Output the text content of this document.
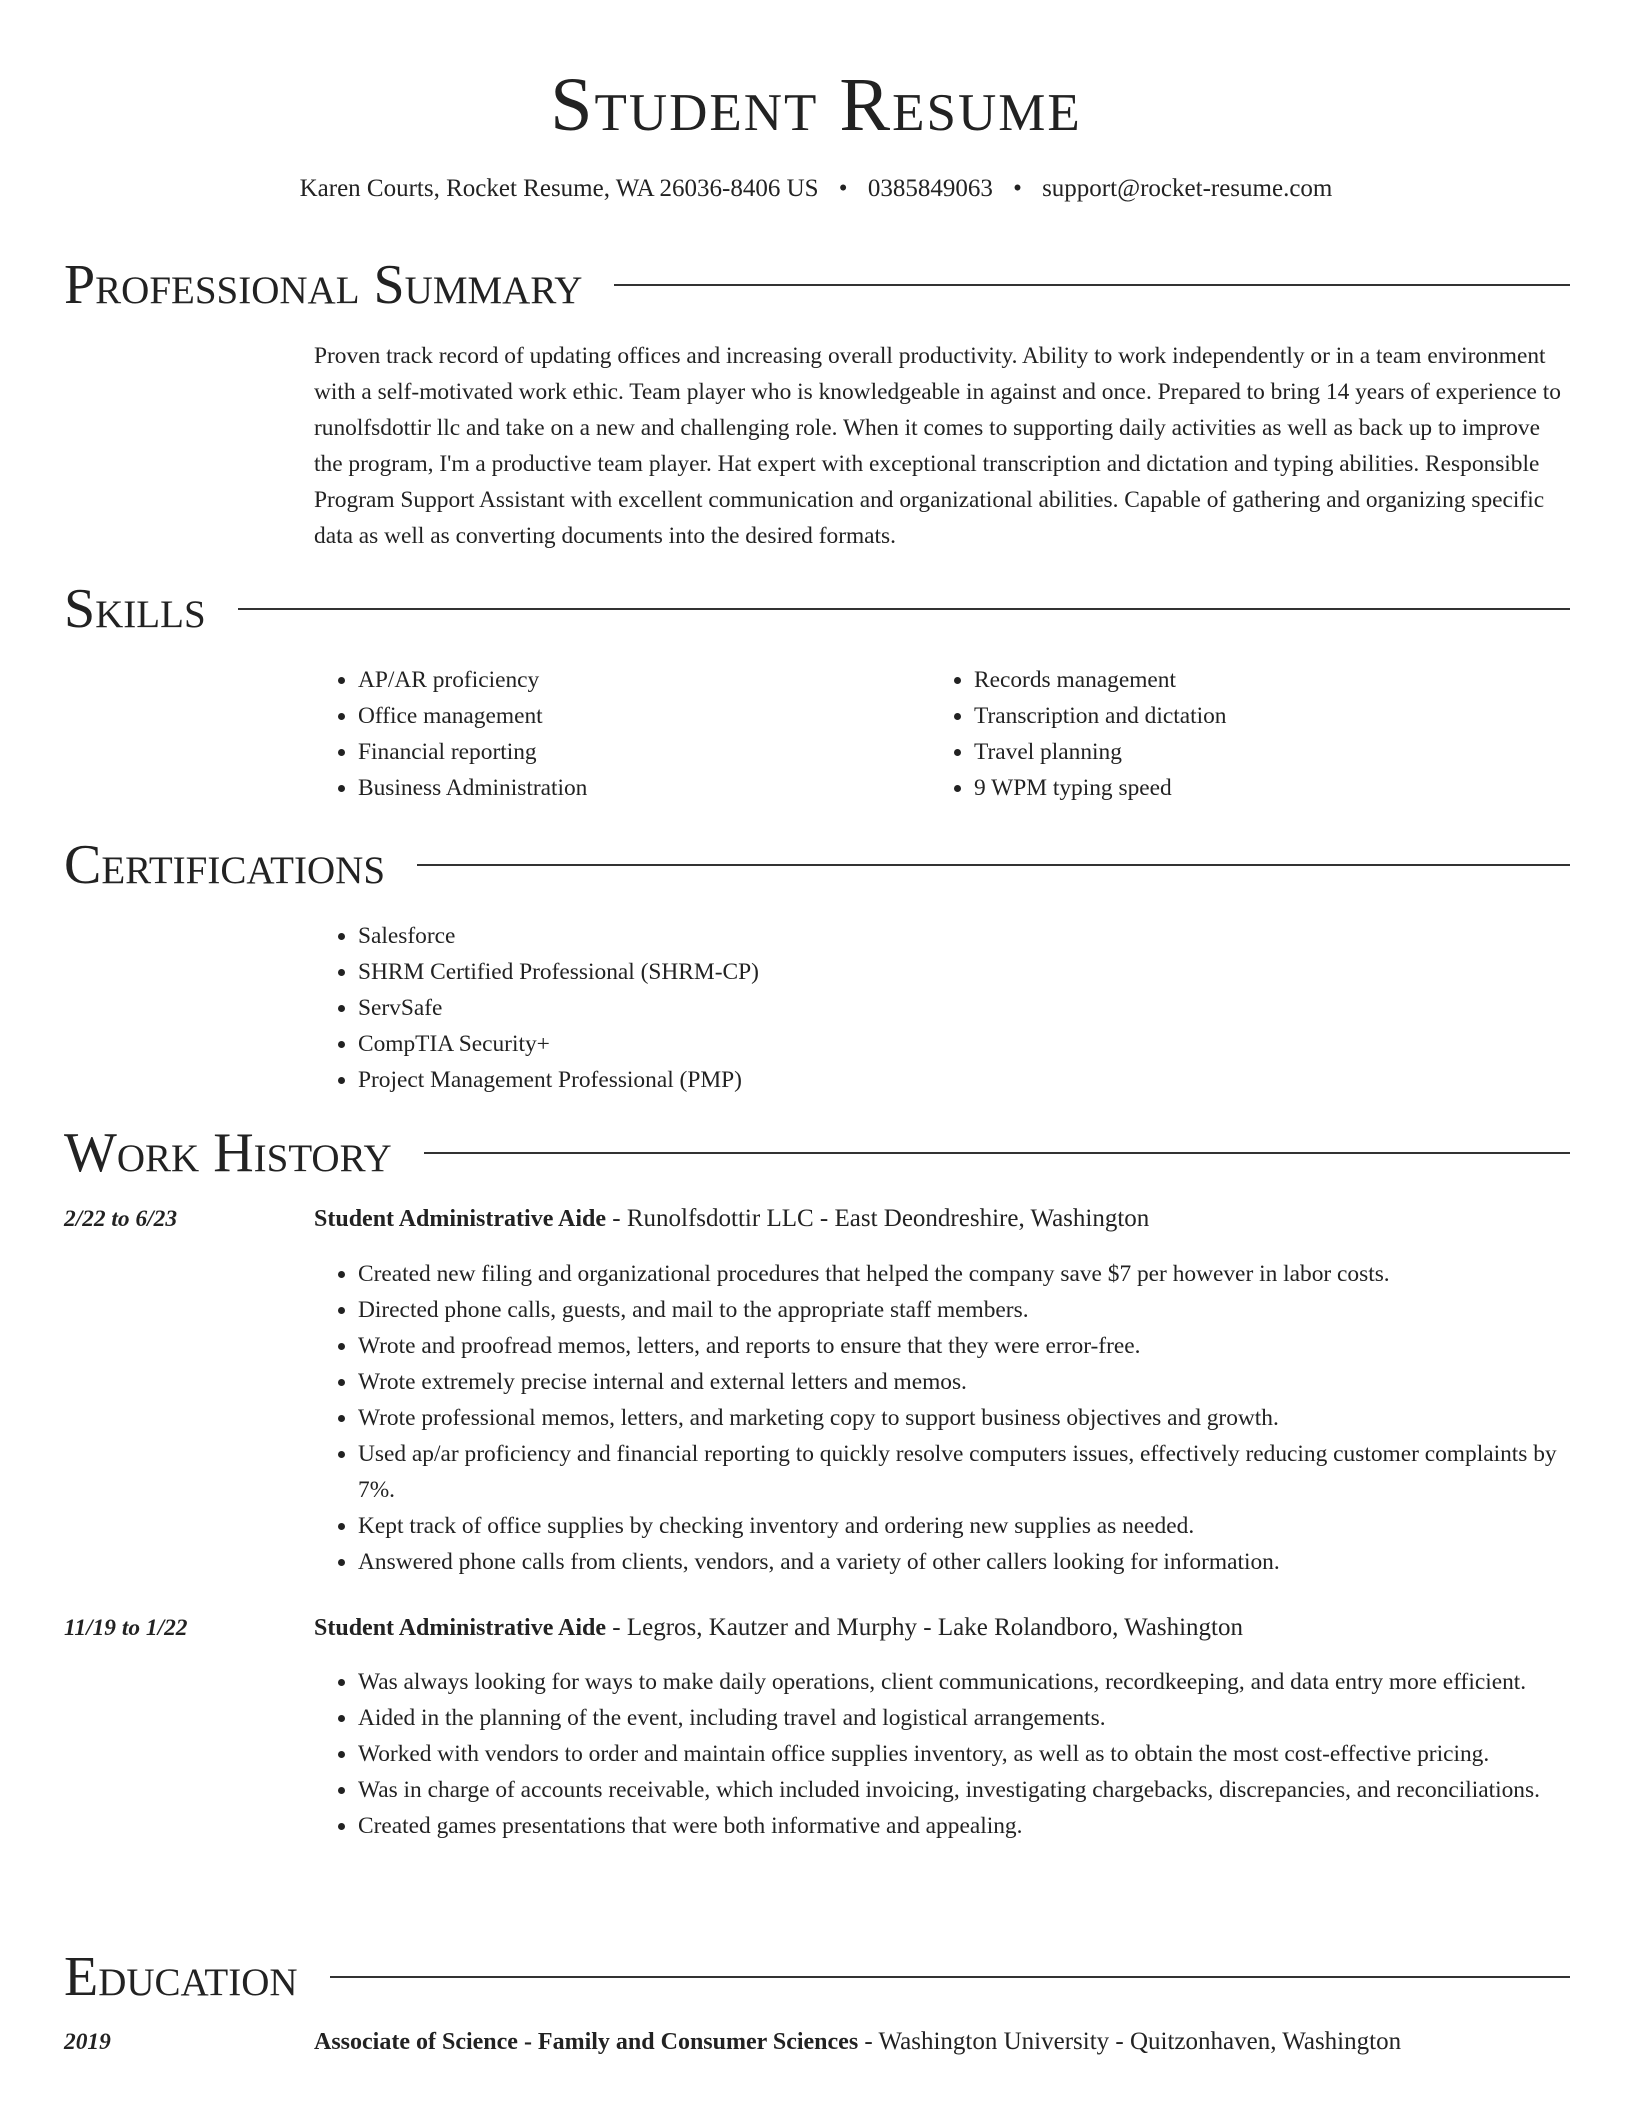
Student Resume
Karen Courts, Rocket Resume, WA 26036-8406 US • 0385849063 • support@rocket-resume.com
Professional Summary

Proven track record of updating offices and increasing overall productivity. Ability to work independently or in a team environment with a self-motivated work ethic. Team player who is knowledgeable in against and once. Prepared to bring 14 years of experience to runolfsdottir llc and take on a new and challenging role. When it comes to supporting daily activities as well as back up to improve the program, I'm a productive team player. Hat expert with exceptional transcription and dictation and typing abilities. Responsible Program Support Assistant with excellent communication and organizational abilities. Capable of gathering and organizing specific data as well as converting documents into the desired formats.

Skills
• AP/AR proficiency
• Office management
• Financial reporting
• Business Administration
• Records management
• Transcription and dictation
• Travel planning
• 9 WPM typing speed
Certifications
• Salesforce
• SHRM Certified Professional (SHRM-CP)
• ServSafe
• CompTIA Security+
• Project Management Professional (PMP)
Work History
2/22 to 6/23	Student Administrative Aide - Runolfsdottir LLC - East Deondreshire, Washington
• Created new filing and organizational procedures that helped the company save $7 per however in labor costs.
• Directed phone calls, guests, and mail to the appropriate staff members.
• Wrote and proofread memos, letters, and reports to ensure that they were error-free.
• Wrote extremely precise internal and external letters and memos.
• Wrote professional memos, letters, and marketing copy to support business objectives and growth.
• Used ap/ar proficiency and financial reporting to quickly resolve computers issues, effectively reducing customer complaints by 7%.
• Kept track of office supplies by checking inventory and ordering new supplies as needed.
• Answered phone calls from clients, vendors, and a variety of other callers looking for information.
11/19 to 1/22	Student Administrative Aide - Legros, Kautzer and Murphy - Lake Rolandboro, Washington
• Was always looking for ways to make daily operations, client communications, recordkeeping, and data entry more efficient.
• Aided in the planning of the event, including travel and logistical arrangements.
• Worked with vendors to order and maintain office supplies inventory, as well as to obtain the most cost-effective pricing.
• Was in charge of accounts receivable, which included invoicing, investigating chargebacks, discrepancies, and reconciliations.
• Created games presentations that were both informative and appealing.
Education
2019	Associate of Science - Family and Consumer Sciences - Washington University - Quitzonhaven, Washington
